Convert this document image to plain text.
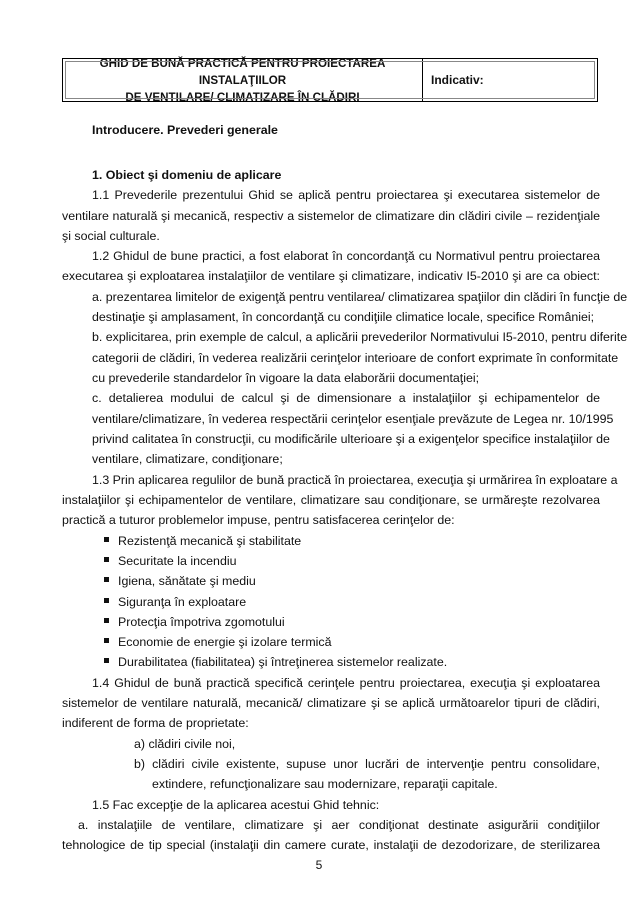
GHID DE BUNĂ PRACTICĂ PENTRU PROIECTAREA INSTALAŢIILOR
DE VENTILARE/ CLIMATIZARE ÎN CLĂDIRI
Indicativ:

Introducere. Prevederi generale

1. Obiect şi domeniu de aplicare

1.1 Prevederile prezentului Ghid se aplică pentru proiectarea şi executarea sistemelor de

ventilare naturală şi mecanică, respectiv a sistemelor de climatizare din clădiri civile – rezidenţiale

şi social culturale.

1.2 Ghidul de bune practici, a fost elaborat în concordanţă cu Normativul pentru proiectarea

executarea şi exploatarea instalaţiilor de ventilare şi climatizare, indicativ I5-2010 şi are ca obiect:

a. prezentarea limitelor de exigenţă pentru ventilarea/ climatizarea spaţiilor din clădiri în funcţie de

destinaţie şi amplasament, în concordanţă cu condiţiile climatice locale, specifice României;

b. explicitarea, prin exemple de calcul, a aplicării prevederilor Normativului I5-2010, pentru diferite

categorii de clădiri, în vederea realizării cerinţelor interioare de confort exprimate în conformitate

cu prevederile standardelor în vigoare la data elaborării documentaţiei;

c. detalierea modului de calcul şi de dimensionare a instalaţiilor şi echipamentelor de

ventilare/climatizare, în vederea respectării cerinţelor esenţiale prevăzute de Legea nr. 10/1995

privind calitatea în construcţii, cu modificările ulterioare şi a exigenţelor specifice instalaţiilor de

ventilare, climatizare, condiţionare;

1.3 Prin aplicarea regulilor de bună practică în proiectarea, execuţia şi urmărirea în exploatare a

instalaţiilor şi echipamentelor de ventilare, climatizare sau condiţionare, se urmăreşte rezolvarea

practică a tuturor problemelor impuse, pentru satisfacerea cerinţelor de:

Rezistenţă mecanică şi stabilitate
Securitate la incendiu
Igiena, sănătate şi mediu
Siguranţa în exploatare
Protecţia împotriva zgomotului
Economie de energie şi izolare termică
Durabilitatea (fiabilitatea) şi întreţinerea sistemelor realizate.

1.4 Ghidul de bună practică specifică cerinţele pentru proiectarea, execuţia şi exploatarea

sistemelor de ventilare naturală, mecanică/ climatizare şi se aplică următoarelor tipuri de clădiri,

indiferent de forma de proprietate:

a) clădiri civile noi,

b) clădiri civile existente, supuse unor lucrări de intervenţie pentru consolidare,

extindere, refuncţionalizare sau modernizare, reparaţii capitale.

1.5 Fac excepţie de la aplicarea acestui Ghid tehnic:

a. instalaţiile de ventilare, climatizare şi aer condiţionat destinate asigurării condiţiilor

tehnologice de tip special (instalaţii din camere curate, instalaţii de dezodorizare, de sterilizarea

5
